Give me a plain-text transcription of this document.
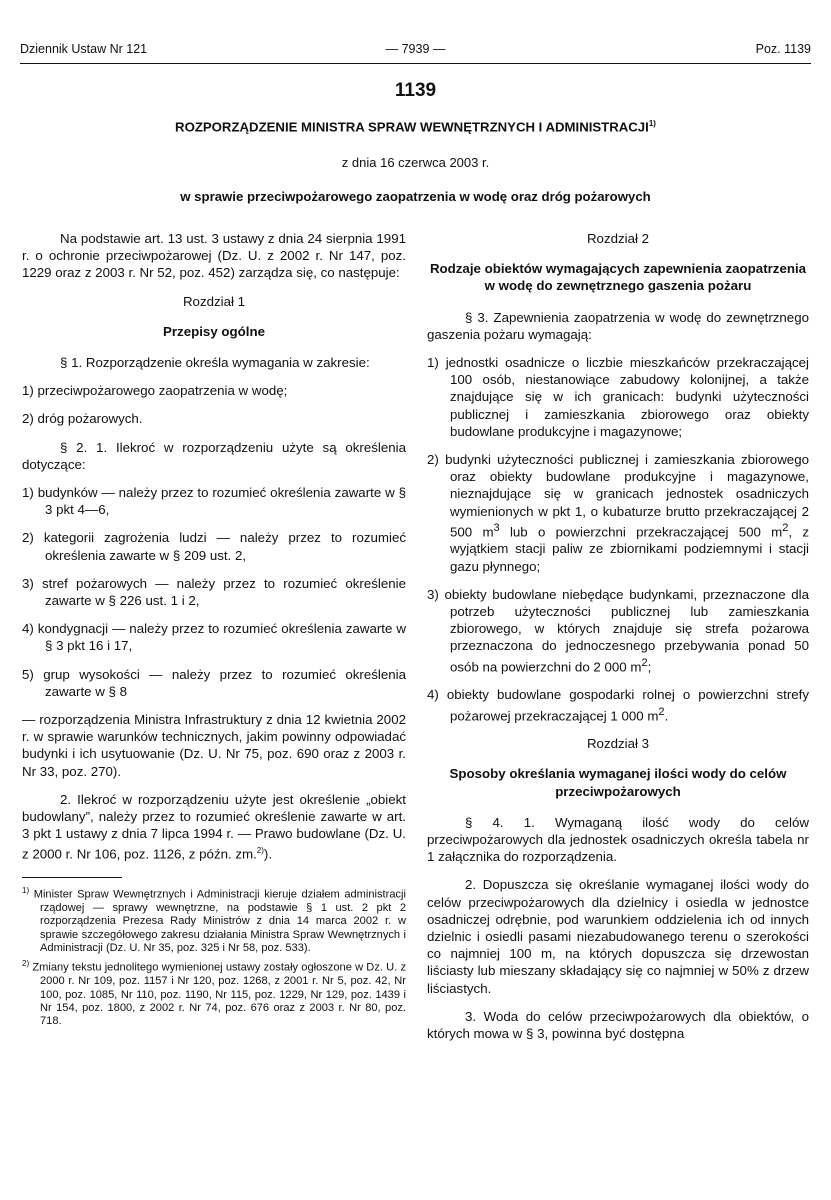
Dziennik Ustaw Nr 121	— 7939 —	Poz. 1139
1139
ROZPORZĄDZENIE MINISTRA SPRAW WEWNĘTRZNYCH I ADMINISTRACJI$^{1)}$
z dnia 16 czerwca 2003 r.
w sprawie przeciwpożarowego zaopatrzenia w wodę oraz dróg pożarowych

Na podstawie art. 13 ust. 3 ustawy z dnia 24 sierpnia 1991 r. o ochronie przeciwpożarowej (Dz. U. z 2002 r. Nr 147, poz. 1229 oraz z 2003 r. Nr 52, poz. 452) zarządza się, co następuje:

Rozdział 1
Przepisy ogólne

§ 1. Rozporządzenie określa wymagania w zakresie:

1) przeciwpożarowego zaopatrzenia w wodę;

2) dróg pożarowych.

§ 2. 1. Ilekroć w rozporządzeniu użyte są określenia dotyczące:

1) budynków — należy przez to rozumieć określenia zawarte w § 3 pkt 4—6,

2) kategorii zagrożenia ludzi — należy przez to rozumieć określenia zawarte w § 209 ust. 2,

3) stref pożarowych — należy przez to rozumieć określenie zawarte w § 226 ust. 1 i 2,

4) kondygnacji — należy przez to rozumieć określenia zawarte w § 3 pkt 16 i 17,

5) grup wysokości — należy przez to rozumieć określenia zawarte w § 8

— rozporządzenia Ministra Infrastruktury z dnia 12 kwietnia 2002 r. w sprawie warunków technicznych, jakim powinny odpowiadać budynki i ich usytuowanie (Dz. U. Nr 75, poz. 690 oraz z 2003 r. Nr 33, poz. 270).

2. Ilekroć w rozporządzeniu użyte jest określenie „obiekt budowlany”, należy przez to rozumieć określenie zawarte w art. 3 pkt 1 ustawy z dnia 7 lipca 1994 r. — Prawo budowlane (Dz. U. z 2000 r. Nr 106, poz. 1126, z późn. zm.$^{2)}$).

$^{1)}$ Minister Spraw Wewnętrznych i Administracji kieruje działem administracji rządowej — sprawy wewnętrzne, na podstawie § 1 ust. 2 pkt 2 rozporządzenia Prezesa Rady Ministrów z dnia 14 marca 2002 r. w sprawie szczegółowego zakresu działania Ministra Spraw Wewnętrznych i Administracji (Dz. U. Nr 35, poz. 325 i Nr 58, poz. 533).

$^{2)}$ Zmiany tekstu jednolitego wymienionej ustawy zostały ogłoszone w Dz. U. z 2000 r. Nr 109, poz. 1157 i Nr 120, poz. 1268, z 2001 r. Nr 5, poz. 42, Nr 100, poz. 1085, Nr 110, poz. 1190, Nr 115, poz. 1229, Nr 129, poz. 1439 i Nr 154, poz. 1800, z 2002 r. Nr 74, poz. 676 oraz z 2003 r. Nr 80, poz. 718.

Rozdział 2
Rodzaje obiektów wymagających zapewnienia zaopatrzenia w wodę do zewnętrznego gaszenia pożaru

§ 3. Zapewnienia zaopatrzenia w wodę do zewnętrznego gaszenia pożaru wymagają:

1) jednostki osadnicze o liczbie mieszkańców przekraczającej 100 osób, niestanowiące zabudowy kolonijnej, a także znajdujące się w ich granicach: budynki użyteczności publicznej i zamieszkania zbiorowego oraz obiekty budowlane produkcyjne i magazynowe;

2) budynki użyteczności publicznej i zamieszkania zbiorowego oraz obiekty budowlane produkcyjne i magazynowe, nieznajdujące się w granicach jednostek osadniczych wymienionych w pkt 1, o kubaturze brutto przekraczającej 2 500 $m^3$ lub o powierzchni przekraczającej 500 $m^2$, z wyjątkiem stacji paliw ze zbiornikami podziemnymi i stacji gazu płynnego;

3) obiekty budowlane niebędące budynkami, przeznaczone dla potrzeb użyteczności publicznej lub zamieszkania zbiorowego, w których znajduje się strefa pożarowa przeznaczona do jednoczesnego przebywania ponad 50 osób na powierzchni do 2 000 $m^2$;

4) obiekty budowlane gospodarki rolnej o powierzchni strefy pożarowej przekraczającej 1 000 $m^2$.

Rozdział 3
Sposoby określania wymaganej ilości wody do celów przeciwpożarowych

§ 4. 1. Wymaganą ilość wody do celów przeciwpożarowych dla jednostek osadniczych określa tabela nr 1 załącznika do rozporządzenia.

2. Dopuszcza się określanie wymaganej ilości wody do celów przeciwpożarowych dla dzielnicy i osiedla w jednostce osadniczej odrębnie, pod warunkiem oddzielenia ich od innych dzielnic i osiedli pasami niezabudowanego terenu o szerokości co najmniej 100 m, na których dopuszcza się drzewostan liściasty lub mieszany składający się co najmniej w 50% z drzew liściastych.

3. Woda do celów przeciwpożarowych dla obiektów, o których mowa w § 3, powinna być dostępna
